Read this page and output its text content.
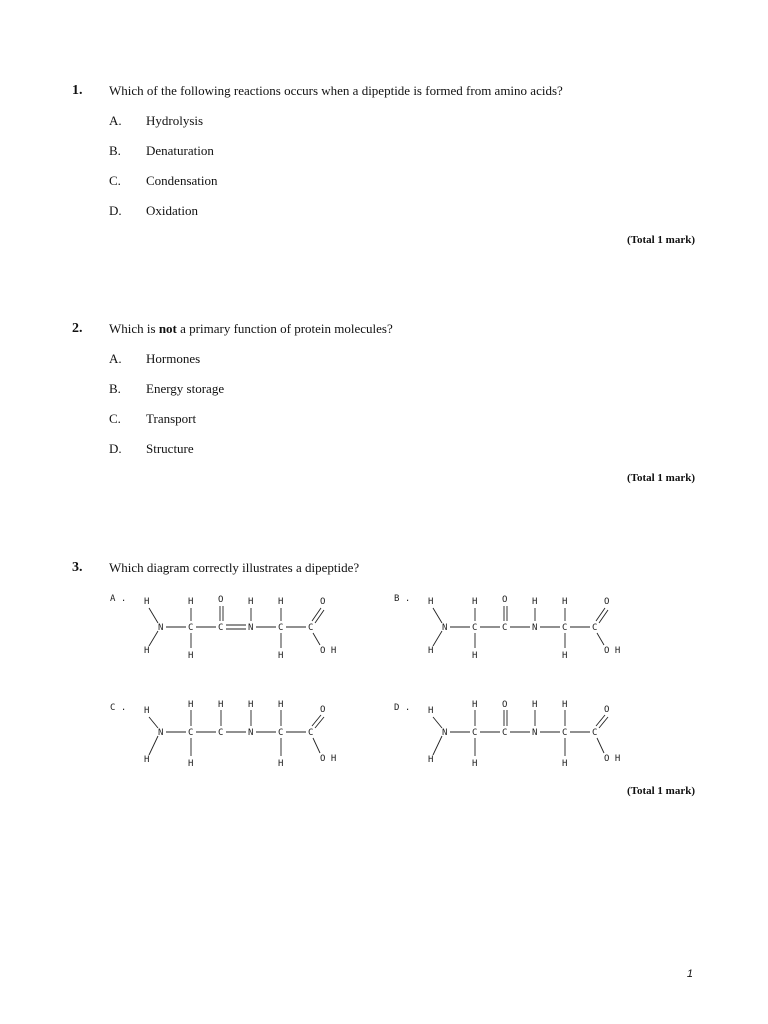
1. Which of the following reactions occurs when a dipeptide is formed from amino acids?
A. Hydrolysis
B. Denaturation
C. Condensation
D. Oxidation
(Total 1 mark)
2. Which is not a primary function of protein molecules?
A. Hormones
B. Energy storage
C. Transport
D. Structure
(Total 1 mark)
3. Which diagram correctly illustrates a dipeptide?
A . H
H
N	C
H
H
C
O
N
H
C
H
H
C
O
O H
B . H
H
N	C
H
H
C
O
N
H
C
H
H
C
O
O H
C . H
H
N	C
H
H
C
H
N
H
C
H
H
C
O
O H
D . H
H
N	C
H
H
C
O
N
H
C
H
H
C
O
O H
(Total 1 mark)
1
